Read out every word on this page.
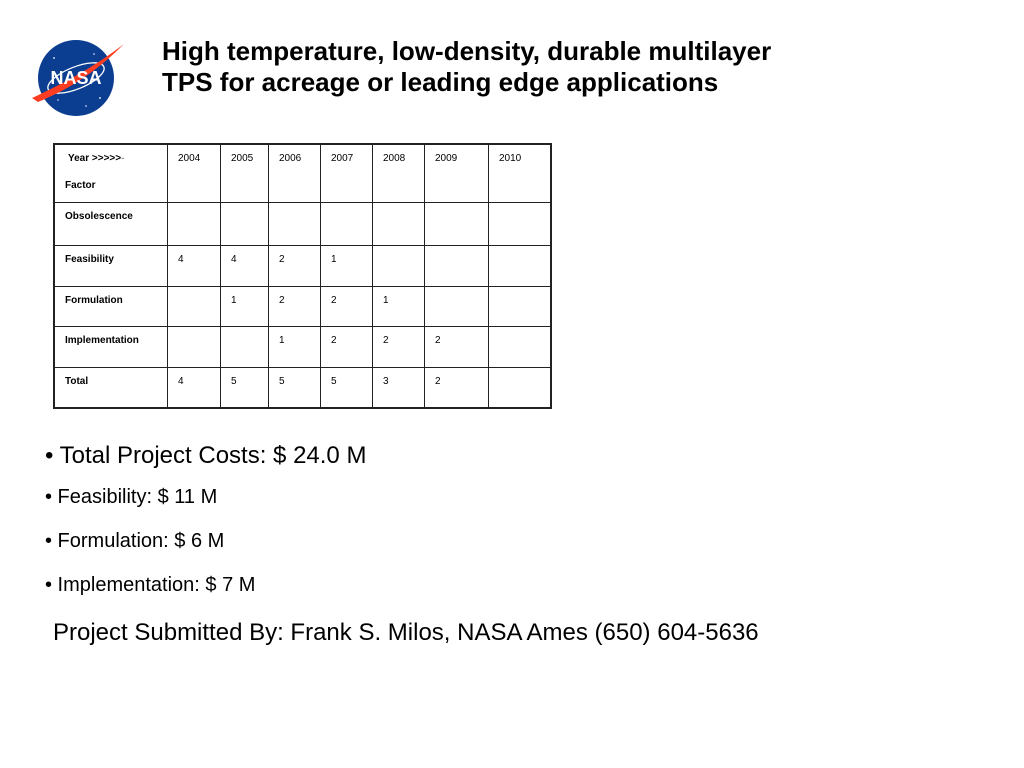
NASA
High temperature, low-density, durable multilayer TPS for acreage or leading edge applications
Year >>>>>-
Factor	2004	2005	2006	2007	2008	2009	2010
Obsolescence							
Feasibility	4	4	2	1			
Formulation		1	2	2	1		
Implementation			1	2	2	2	
Total	4	5	5	5	3	2	

• Total Project Costs: $ 24.0 M

• Feasibility: $ 11 M

• Formulation: $ 6 M

• Implementation: $ 7 M

Project Submitted By: Frank S. Milos, NASA Ames (650) 604-5636
